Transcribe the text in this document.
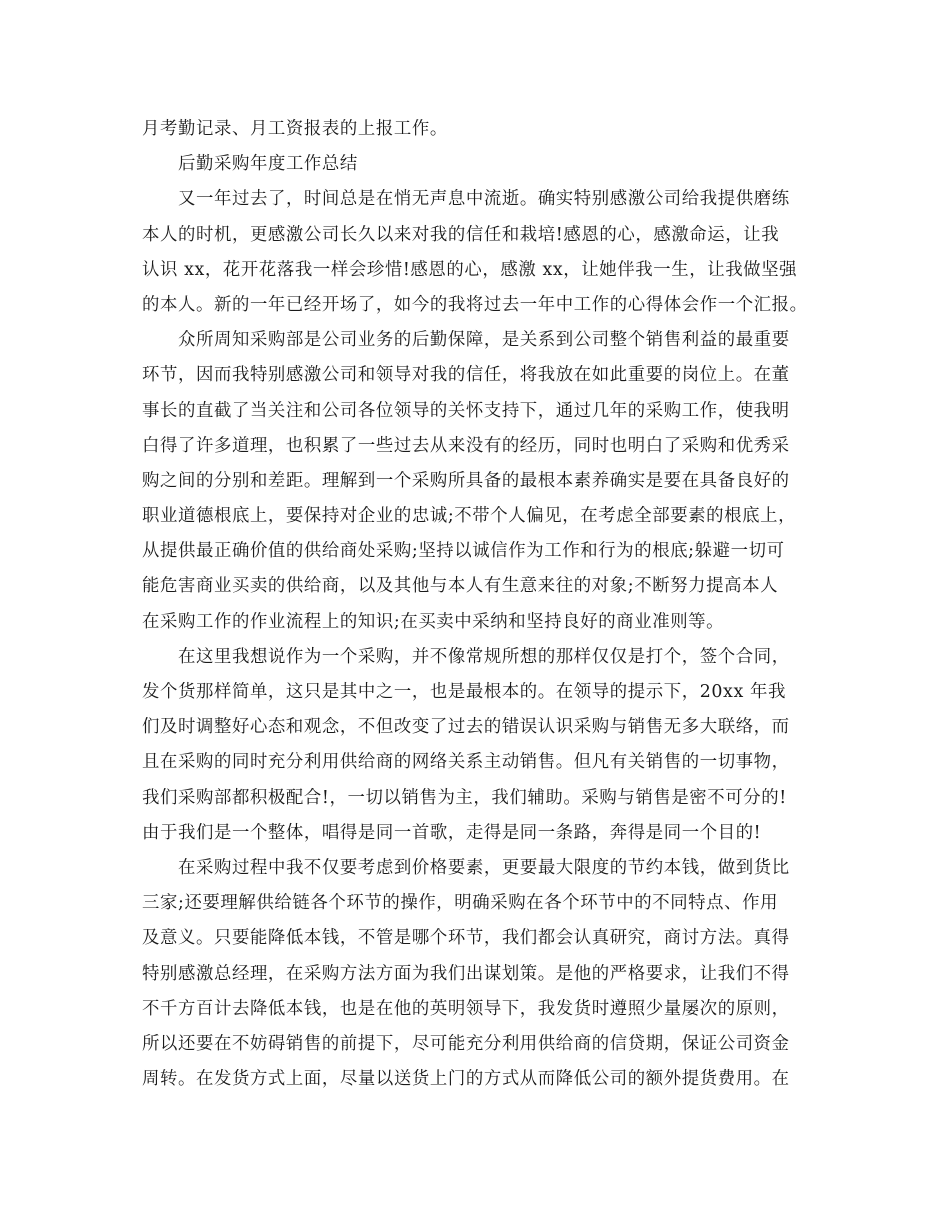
月考勤记录、月工资报表的上报工作。
后勤采购年度工作总结
又一年过去了，时间总是在悄无声息中流逝。确实特别感激公司给我提供磨练
本人的时机，更感激公司长久以来对我的信任和栽培!感恩的心，感激命运，让我
认识 xx，花开花落我一样会珍惜!感恩的心，感激 xx，让她伴我一生，让我做坚强
的本人。新的一年已经开场了，如今的我将过去一年中工作的心得体会作一个汇报。
众所周知采购部是公司业务的后勤保障，是关系到公司整个销售利益的最重要
环节，因而我特别感激公司和领导对我的信任，将我放在如此重要的岗位上。在董
事长的直截了当关注和公司各位领导的关怀支持下，通过几年的采购工作，使我明
白得了许多道理，也积累了一些过去从来没有的经历，同时也明白了采购和优秀采
购之间的分别和差距。理解到一个采购所具备的最根本素养确实是要在具备良好的
职业道德根底上，要保持对企业的忠诚;不带个人偏见，在考虑全部要素的根底上，
从提供最正确价值的供给商处采购;坚持以诚信作为工作和行为的根底;躲避一切可
能危害商业买卖的供给商，以及其他与本人有生意来往的对象;不断努力提高本人
在采购工作的作业流程上的知识;在买卖中采纳和坚持良好的商业准则等。
在这里我想说作为一个采购，并不像常规所想的那样仅仅是打个，签个合同，
发个货那样简单，这只是其中之一，也是最根本的。在领导的提示下，20xx 年我
们及时调整好心态和观念，不但改变了过去的错误认识采购与销售无多大联络，而
且在采购的同时充分利用供给商的网络关系主动销售。但凡有关销售的一切事物，
我们采购部都积极配合!，一切以销售为主，我们辅助。采购与销售是密不可分的!
由于我们是一个整体，唱得是同一首歌，走得是同一条路，奔得是同一个目的!
在采购过程中我不仅要考虑到价格要素，更要最大限度的节约本钱，做到货比
三家;还要理解供给链各个环节的操作，明确采购在各个环节中的不同特点、作用
及意义。只要能降低本钱，不管是哪个环节，我们都会认真研究，商讨方法。真得
特别感激总经理，在采购方法方面为我们出谋划策。是他的严格要求，让我们不得
不千方百计去降低本钱，也是在他的英明领导下，我发货时遵照少量屡次的原则，
所以还要在不妨碍销售的前提下，尽可能充分利用供给商的信贷期，保证公司资金
周转。在发货方式上面，尽量以送货上门的方式从而降低公司的额外提货费用。在
